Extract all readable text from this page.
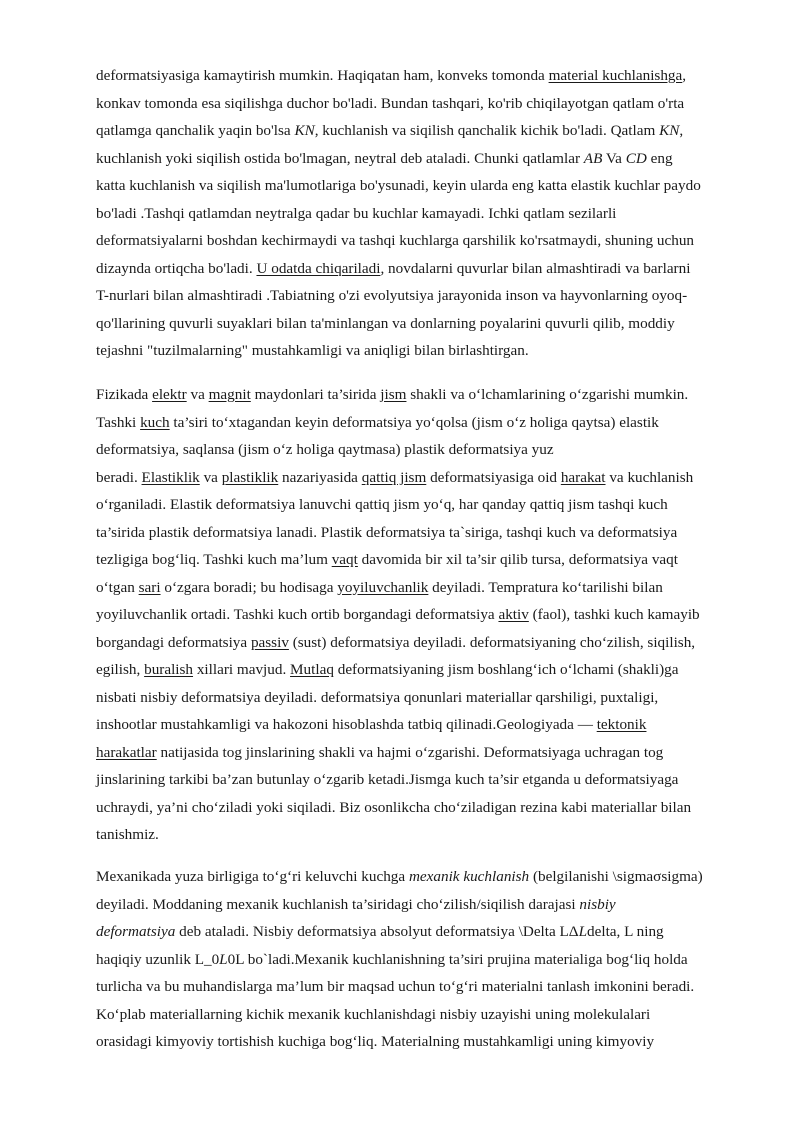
deformatsiyasiga kamaytirish mumkin. Haqiqatan ham, konveks tomonda material kuchlanishga,
konkav tomonda esa siqilishga duchor bo'ladi. Bundan tashqari, ko'rib chiqilayotgan qatlam o'rta
qatlamga qanchalik yaqin bo'lsa KN, kuchlanish va siqilish qanchalik kichik bo'ladi. Qatlam KN,
kuchlanish yoki siqilish ostida bo'lmagan, neytral deb ataladi. Chunki qatlamlar AB Va CD eng
katta kuchlanish va siqilish ma'lumotlariga bo'ysunadi, keyin ularda eng katta elastik kuchlar paydo
bo'ladi .Tashqi qatlamdan neytralga qadar bu kuchlar kamayadi. Ichki qatlam sezilarli
deformatsiyalarni boshdan kechirmaydi va tashqi kuchlarga qarshilik ko'rsatmaydi, shuning uchun
dizaynda ortiqcha bo'ladi. U odatda chiqariladi, novdalarni quvurlar bilan almashtiradi va barlarni
T-nurlari bilan almashtiradi .Tabiatning o'zi evolyutsiya jarayonida inson va hayvonlarning oyoq-
qo'llarining quvurli suyaklari bilan ta'minlangan va donlarning poyalarini quvurli qilib, moddiy
tejashni "tuzilmalarning" mustahkamligi va aniqligi bilan birlashtirgan.
Fizikada elektr va magnit maydonlari ta’sirida jism shakli va o‘lchamlarining o‘zgarishi mumkin.
Tashki kuch ta’siri to‘xtagandan keyin deformatsiya yo‘qolsa (jism o‘z holiga qaytsa) elastik
deformatsiya, saqlansa (jism o‘z holiga qaytmasa) plastik deformatsiya yuz
beradi. Elastiklik va plastiklik nazariyasida qattiq jism deformatsiyasiga oid harakat va kuchlanish
o‘rganiladi. Elastik deformatsiya lanuvchi qattiq jism yo‘q, har qanday qattiq jism tashqi kuch
ta’sirida plastik deformatsiya lanadi. Plastik deformatsiya ta`siriga, tashqi kuch va deformatsiya
tezligiga bog‘liq. Tashki kuch ma’lum vaqt davomida bir xil ta’sir qilib tursa, deformatsiya vaqt
o‘tgan sari o‘zgara boradi; bu hodisaga yoyiluvchanlik deyiladi. Tempratura ko‘tarilishi bilan
yoyiluvchanlik ortadi. Tashki kuch ortib borgandagi deformatsiya aktiv (faol), tashki kuch kamayib
borgandagi deformatsiya passiv (sust) deformatsiya deyiladi. deformatsiyaning cho‘zilish, siqilish,
egilish, buralish xillari mavjud. Mutlaq deformatsiyaning jism boshlang‘ich o‘lchami (shakli)ga
nisbati nisbiy deformatsiya deyiladi. deformatsiya qonunlari materiallar qarshiligi, puxtaligi,
inshootlar mustahkamligi va hakozoni hisoblashda tatbiq qilinadi.Geologiyada — tektonik
harakatlar natijasida tog jinslarining shakli va hajmi o‘zgarishi. Deformatsiyaga uchragan tog
jinslarining tarkibi ba’zan butunlay o‘zgarib ketadi.Jismga kuch ta’sir etganda u deformatsiyaga
uchraydi, ya’ni cho‘ziladi yoki siqiladi. Biz osonlikcha cho‘ziladigan rezina kabi materiallar bilan
tanishmiz.
Mexanikada yuza birligiga to‘g‘ri keluvchi kuchga mexanik kuchlanish (belgilanishi \sigmaσsigma)
deyiladi. Moddaning mexanik kuchlanish ta’siridagi cho‘zilish/siqilish darajasi nisbiy
deformatsiya deb ataladi. Nisbiy deformatsiya absolyut deformatsiya \Delta LΔLdelta, L ning
haqiqiy uzunlik L_0L0L bo`ladi.Mexanik kuchlanishning ta’siri prujina materialiga bog‘liq holda
turlicha va bu muhandislarga ma’lum bir maqsad uchun to‘g‘ri materialni tanlash imkonini beradi.
Ko‘plab materiallarning kichik mexanik kuchlanishdagi nisbiy uzayishi uning molekulalari
orasidagi kimyoviy tortishish kuchiga bog‘liq. Materialning mustahkamligi uning kimyoviy
